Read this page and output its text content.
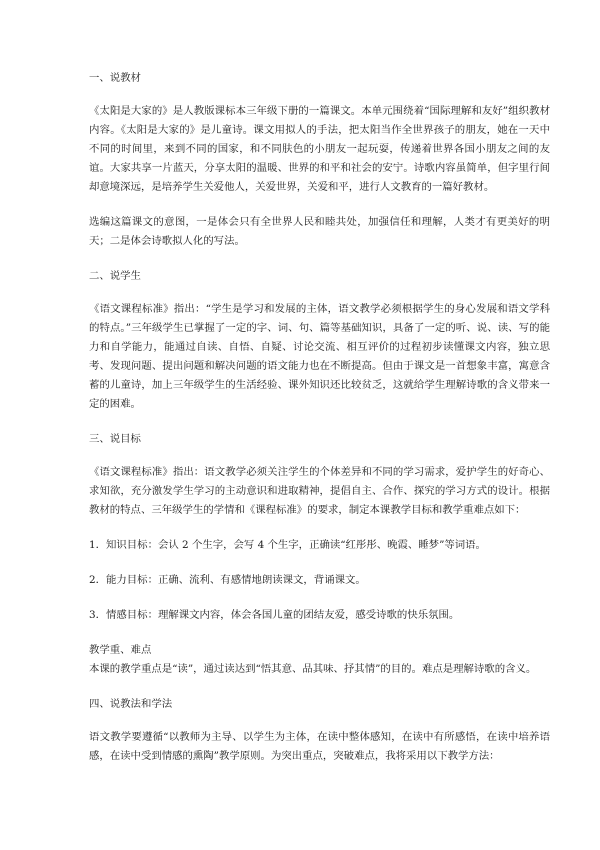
一、说教材

《太阳是大家的》是人教版课标本三年级下册的一篇课文。本单元围绕着“国际理解和友好”组织教材内容。《太阳是大家的》是儿童诗。课文用拟人的手法，把太阳当作全世界孩子的朋友，她在一天中不同的时间里，来到不同的国家，和不同肤色的小朋友一起玩耍，传递着世界各国小朋友之间的友谊。大家共享一片蓝天，分享太阳的温暖、世界的和平和社会的安宁。诗歌内容虽简单，但字里行间却意境深远，是培养学生关爱他人，关爱世界，关爱和平，进行人文教育的一篇好教材。

选编这篇课文的意图，一是体会只有全世界人民和睦共处，加强信任和理解，人类才有更美好的明天；二是体会诗歌拟人化的写法。

二、说学生

《语文课程标准》指出：“学生是学习和发展的主体，语文教学必须根据学生的身心发展和语文学科的特点。”三年级学生已掌握了一定的字、词、句、篇等基础知识，具备了一定的听、说、读、写的能力和自学能力，能通过自读、自悟、自疑、讨论交流、相互评价的过程初步读懂课文内容，独立思考、发现问题、提出问题和解决问题的语文能力也在不断提高。但由于课文是一首想象丰富，寓意含蓄的儿童诗，加上三年级学生的生活经验、课外知识还比较贫乏，这就给学生理解诗歌的含义带来一定的困难。

三、说目标

《语文课程标准》指出：语文教学必须关注学生的个体差异和不同的学习需求，爱护学生的好奇心、求知欲，充分激发学生学习的主动意识和进取精神，提倡自主、合作、探究的学习方式的设计。根据教材的特点、三年级学生的学情和《课程标准》的要求，制定本课教学目标和教学重难点如下：

1．知识目标：会认 2 个生字，会写 4 个生字，正确读“红彤彤、晚霞、睡梦”等词语。

2．能力目标：正确、流利、有感情地朗读课文，背诵课文。

3．情感目标：理解课文内容，体会各国儿童的团结友爱，感受诗歌的快乐氛围。

教学重、难点

本课的教学重点是“读”，通过读达到“悟其意、品其味、抒其情”的目的。难点是理解诗歌的含义。

四、说教法和学法

语文教学要遵循“以教师为主导、以学生为主体，在读中整体感知，在读中有所感悟，在读中培养语感，在读中受到情感的熏陶”教学原则。为突出重点，突破难点，我将采用以下教学方法：
